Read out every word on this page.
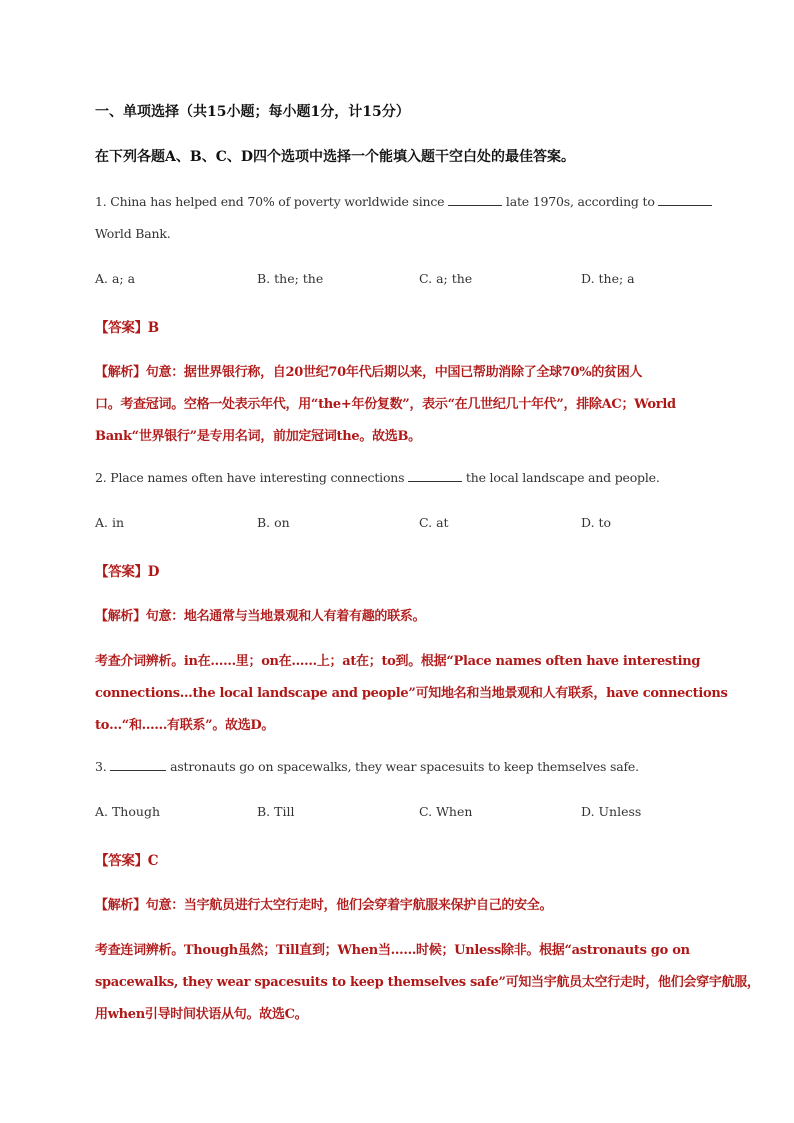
一、单项选择（共15小题；每小题1分，计15分）
在下列各题A、B、C、D四个选项中选择一个能填入题干空白处的最佳答案。
1. China has helped end 70% of poverty worldwide since	late 1970s, according to
World Bank.
A. a; a	B. the; the	C. a; the	D. the; a
【答案】B
【解析】句意：据世界银行称，自20世纪70年代后期以来，中国已帮助消除了全球70%的贫困人
口。考查冠词。空格一处表示年代，用“the+年份复数”，表示“在几世纪几十年代”，排除AC；World
Bank“世界银行”是专用名词，前加定冠词the。故选B。
2. Place names often have interesting connections	the local landscape and people.
A. in	B. on	C. at	D. to
【答案】D
【解析】句意：地名通常与当地景观和人有着有趣的联系。
考查介词辨析。in在……里；on在……上；at在；to到。根据“Place names often have interesting
connections…the local landscape and people”可知地名和当地景观和人有联系，have connections
to…“和……有联系”。故选D。
3.	astronauts go on spacewalks, they wear spacesuits to keep themselves safe.
A. Though	B. Till	C. When	D. Unless
【答案】C
【解析】句意：当宇航员进行太空行走时，他们会穿着宇航服来保护自己的安全。
考查连词辨析。Though虽然；Till直到；When当……时候；Unless除非。根据“astronauts go on
spacewalks, they wear spacesuits to keep themselves safe”可知当宇航员太空行走时，他们会穿宇航服，
用when引导时间状语从句。故选C。
